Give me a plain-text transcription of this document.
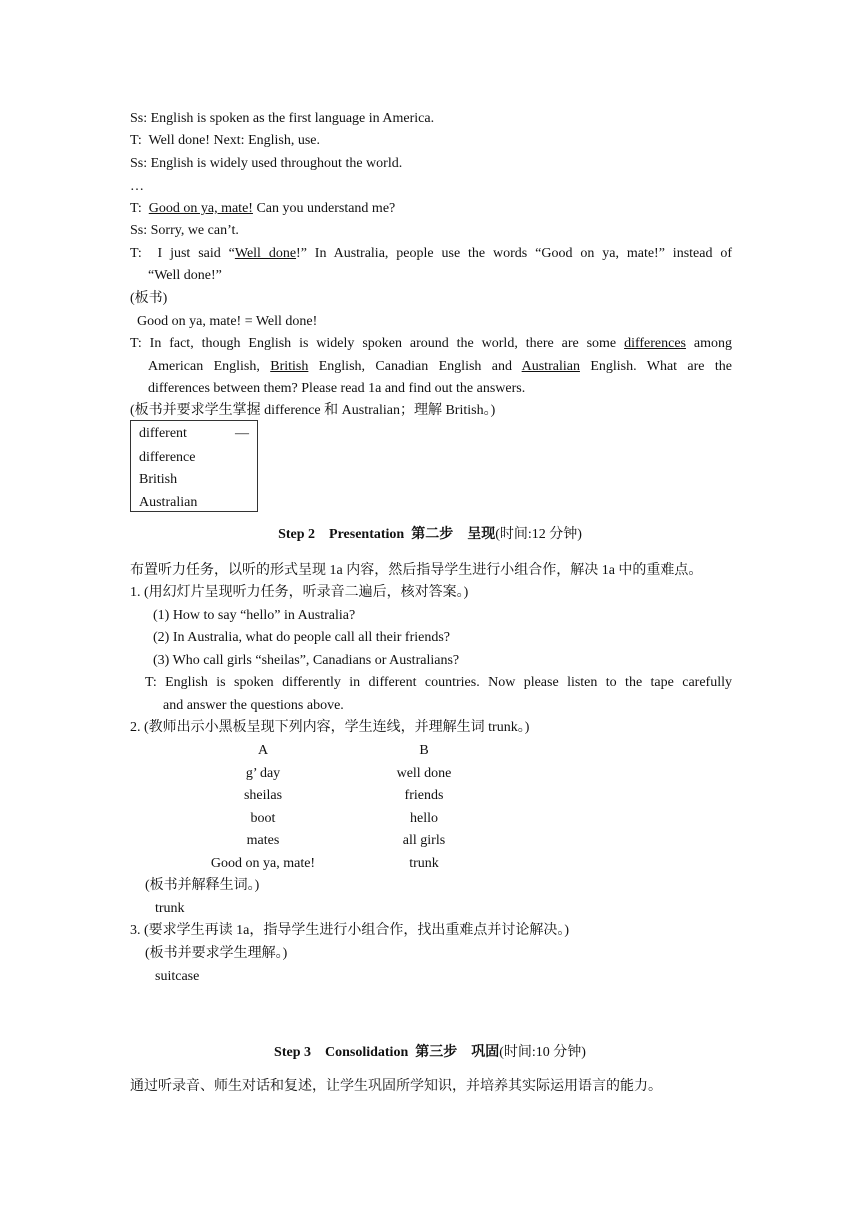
Ss: English is spoken as the first language in America.
T: Well done! Next: English, use.
Ss: English is widely used throughout the world.
…
T: Good on ya, mate! Can you understand me?
Ss: Sorry, we can’t.
T: I just said “Well done!” In Australia, people use the words “Good on ya, mate!” instead of
“Well done!”
(板书)
Good on ya, mate! = Well done!
T: In fact, though English is widely spoken around the world, there are some differences among
American English, British English, Canadian English and Australian English. What are the
differences between them? Please read 1a and find out the answers.
(板书并要求学生掌握 difference 和 Australian；理解 British。)
different	—
difference
British
Australian
Step 2    Presentation  第二步    呈现(时间:12 分钟)
布置听力任务，以听的形式呈现 1a 内容，然后指导学生进行小组合作，解决 1a 中的重难点。
1. (用幻灯片呈现听力任务，听录音二遍后，核对答案。)
(1) How to say “hello” in Australia?
(2) In Australia, what do people call all their friends?
(3) Who call girls “sheilas”, Canadians or Australians?
T: English is spoken differently in different countries. Now please listen to the tape carefully
and answer the questions above.
2. (教师出示小黑板呈现下列内容，学生连线，并理解生词 trunk。)
A	B
g’ day	well done
sheilas	friends
boot	hello
mates	all girls
Good on ya, mate!	trunk
(板书并解释生词。)
trunk
3. (要求学生再读 1a，指导学生进行小组合作，找出重难点并讨论解决。)
(板书并要求学生理解。)
suitcase
Step 3    Consolidation  第三步    巩固(时间:10 分钟)
通过听录音、师生对话和复述，让学生巩固所学知识，并培养其实际运用语言的能力。
